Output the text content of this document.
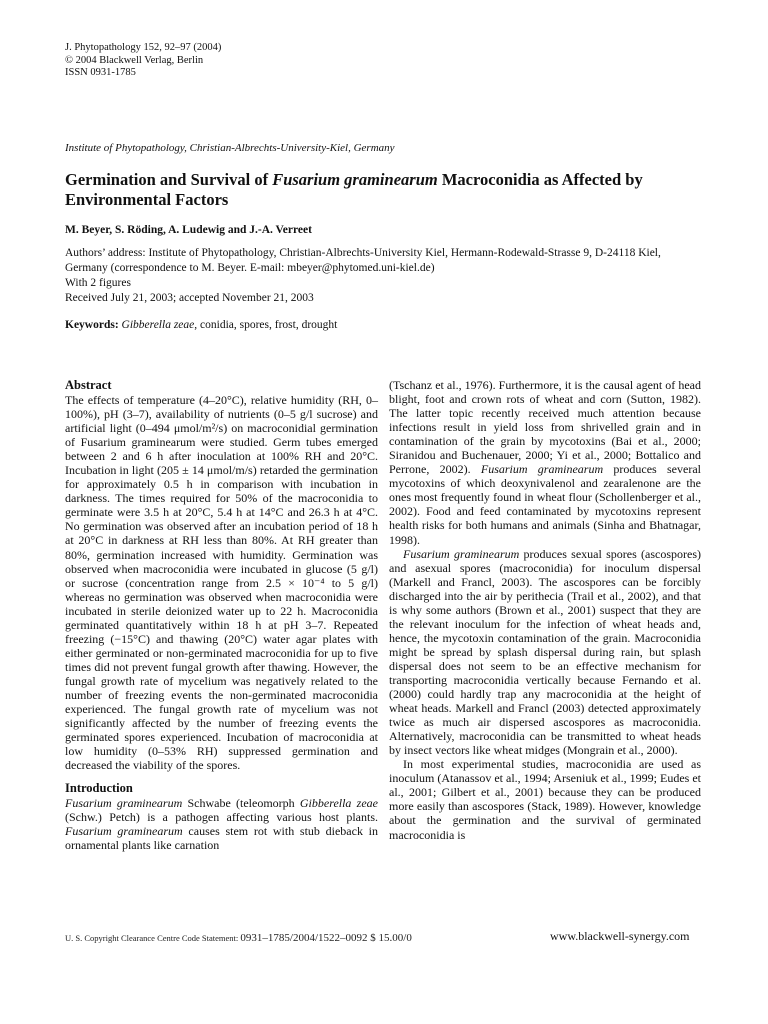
J. Phytopathology 152, 92–97 (2004)
© 2004 Blackwell Verlag, Berlin
ISSN 0931-1785
Institute of Phytopathology, Christian-Albrechts-University-Kiel, Germany
Germination and Survival of Fusarium graminearum Macroconidia as Affected by Environmental Factors
M. Beyer, S. Röding, A. Ludewig and J.-A. Verreet
Authors’ address: Institute of Phytopathology, Christian-Albrechts-University Kiel, Hermann-Rodewald-Strasse 9, D-24118 Kiel, Germany (correspondence to M. Beyer. E-mail: mbeyer@phytomed.uni-kiel.de)
With 2 figures
Received July 21, 2003; accepted November 21, 2003
Keywords: Gibberella zeae, conidia, spores, frost, drought
Abstract

The effects of temperature (4–20°C), relative humidity (RH, 0–100%), pH (3–7), availability of nutrients (0–5 g/l sucrose) and artificial light (0–494 μmol/m²/s) on macroconidial germination of Fusarium graminearum were studied. Germ tubes emerged between 2 and 6 h after inoculation at 100% RH and 20°C. Incubation in light (205 ± 14 μmol/m/s) retarded the germination for approximately 0.5 h in comparison with incubation in darkness. The times required for 50% of the macroconidia to germinate were 3.5 h at 20°C, 5.4 h at 14°C and 26.3 h at 4°C. No germination was observed after an incubation period of 18 h at 20°C in darkness at RH less than 80%. At RH greater than 80%, germination increased with humidity. Germination was observed when macroconidia were incubated in glucose (5 g/l) or sucrose (concentration range from 2.5 × 10⁻⁴ to 5 g/l) whereas no germination was observed when macroconidia were incubated in sterile deionized water up to 22 h. Macroconidia germinated quantitatively within 18 h at pH 3–7. Repeated freezing (−15°C) and thawing (20°C) water agar plates with either germinated or non-germinated macroconidia for up to five times did not prevent fungal growth after thawing. However, the fungal growth rate of mycelium was negatively related to the number of freezing events the non-germinated macroconidia experienced. The fungal growth rate of mycelium was not significantly affected by the number of freezing events the germinated spores experienced. Incubation of macroconidia at low humidity (0–53% RH) suppressed germination and decreased the viability of the spores.

Introduction

Fusarium graminearum Schwabe (teleomorph Gibberella zeae (Schw.) Petch) is a pathogen affecting various host plants. Fusarium graminearum causes stem rot with stub dieback in ornamental plants like carnation

(Tschanz et al., 1976). Furthermore, it is the causal agent of head blight, foot and crown rots of wheat and corn (Sutton, 1982). The latter topic recently received much attention because infections result in yield loss from shrivelled grain and in contamination of the grain by mycotoxins (Bai et al., 2000; Siranidou and Buchenauer, 2000; Yi et al., 2000; Bottalico and Perrone, 2002). Fusarium graminearum produces several mycotoxins of which deoxynivalenol and zearalenone are the ones most frequently found in wheat flour (Schollenberger et al., 2002). Food and feed contaminated by mycotoxins represent health risks for both humans and animals (Sinha and Bhatnagar, 1998).

Fusarium graminearum produces sexual spores (ascospores) and asexual spores (macroconidia) for inoculum dispersal (Markell and Francl, 2003). The ascospores can be forcibly discharged into the air by perithecia (Trail et al., 2002), and that is why some authors (Brown et al., 2001) suspect that they are the relevant inoculum for the infection of wheat heads and, hence, the mycotoxin contamination of the grain. Macroconidia might be spread by splash dispersal during rain, but splash dispersal does not seem to be an effective mechanism for transporting macroconidia vertically because Fernando et al. (2000) could hardly trap any macroconidia at the height of wheat heads. Markell and Francl (2003) detected approximately twice as much air dispersed ascospores as macroconidia. Alternatively, macroconidia can be transmitted to wheat heads by insect vectors like wheat midges (Mongrain et al., 2000).

In most experimental studies, macroconidia are used as inoculum (Atanassov et al., 1994; Arseniuk et al., 1999; Eudes et al., 2001; Gilbert et al., 2001) because they can be produced more easily than ascospores (Stack, 1989). However, knowledge about the germination and the survival of germinated macroconidia is

U. S. Copyright Clearance Centre Code Statement: 0931–1785/2004/1522–0092 $ 15.00/0	www.blackwell-synergy.com
